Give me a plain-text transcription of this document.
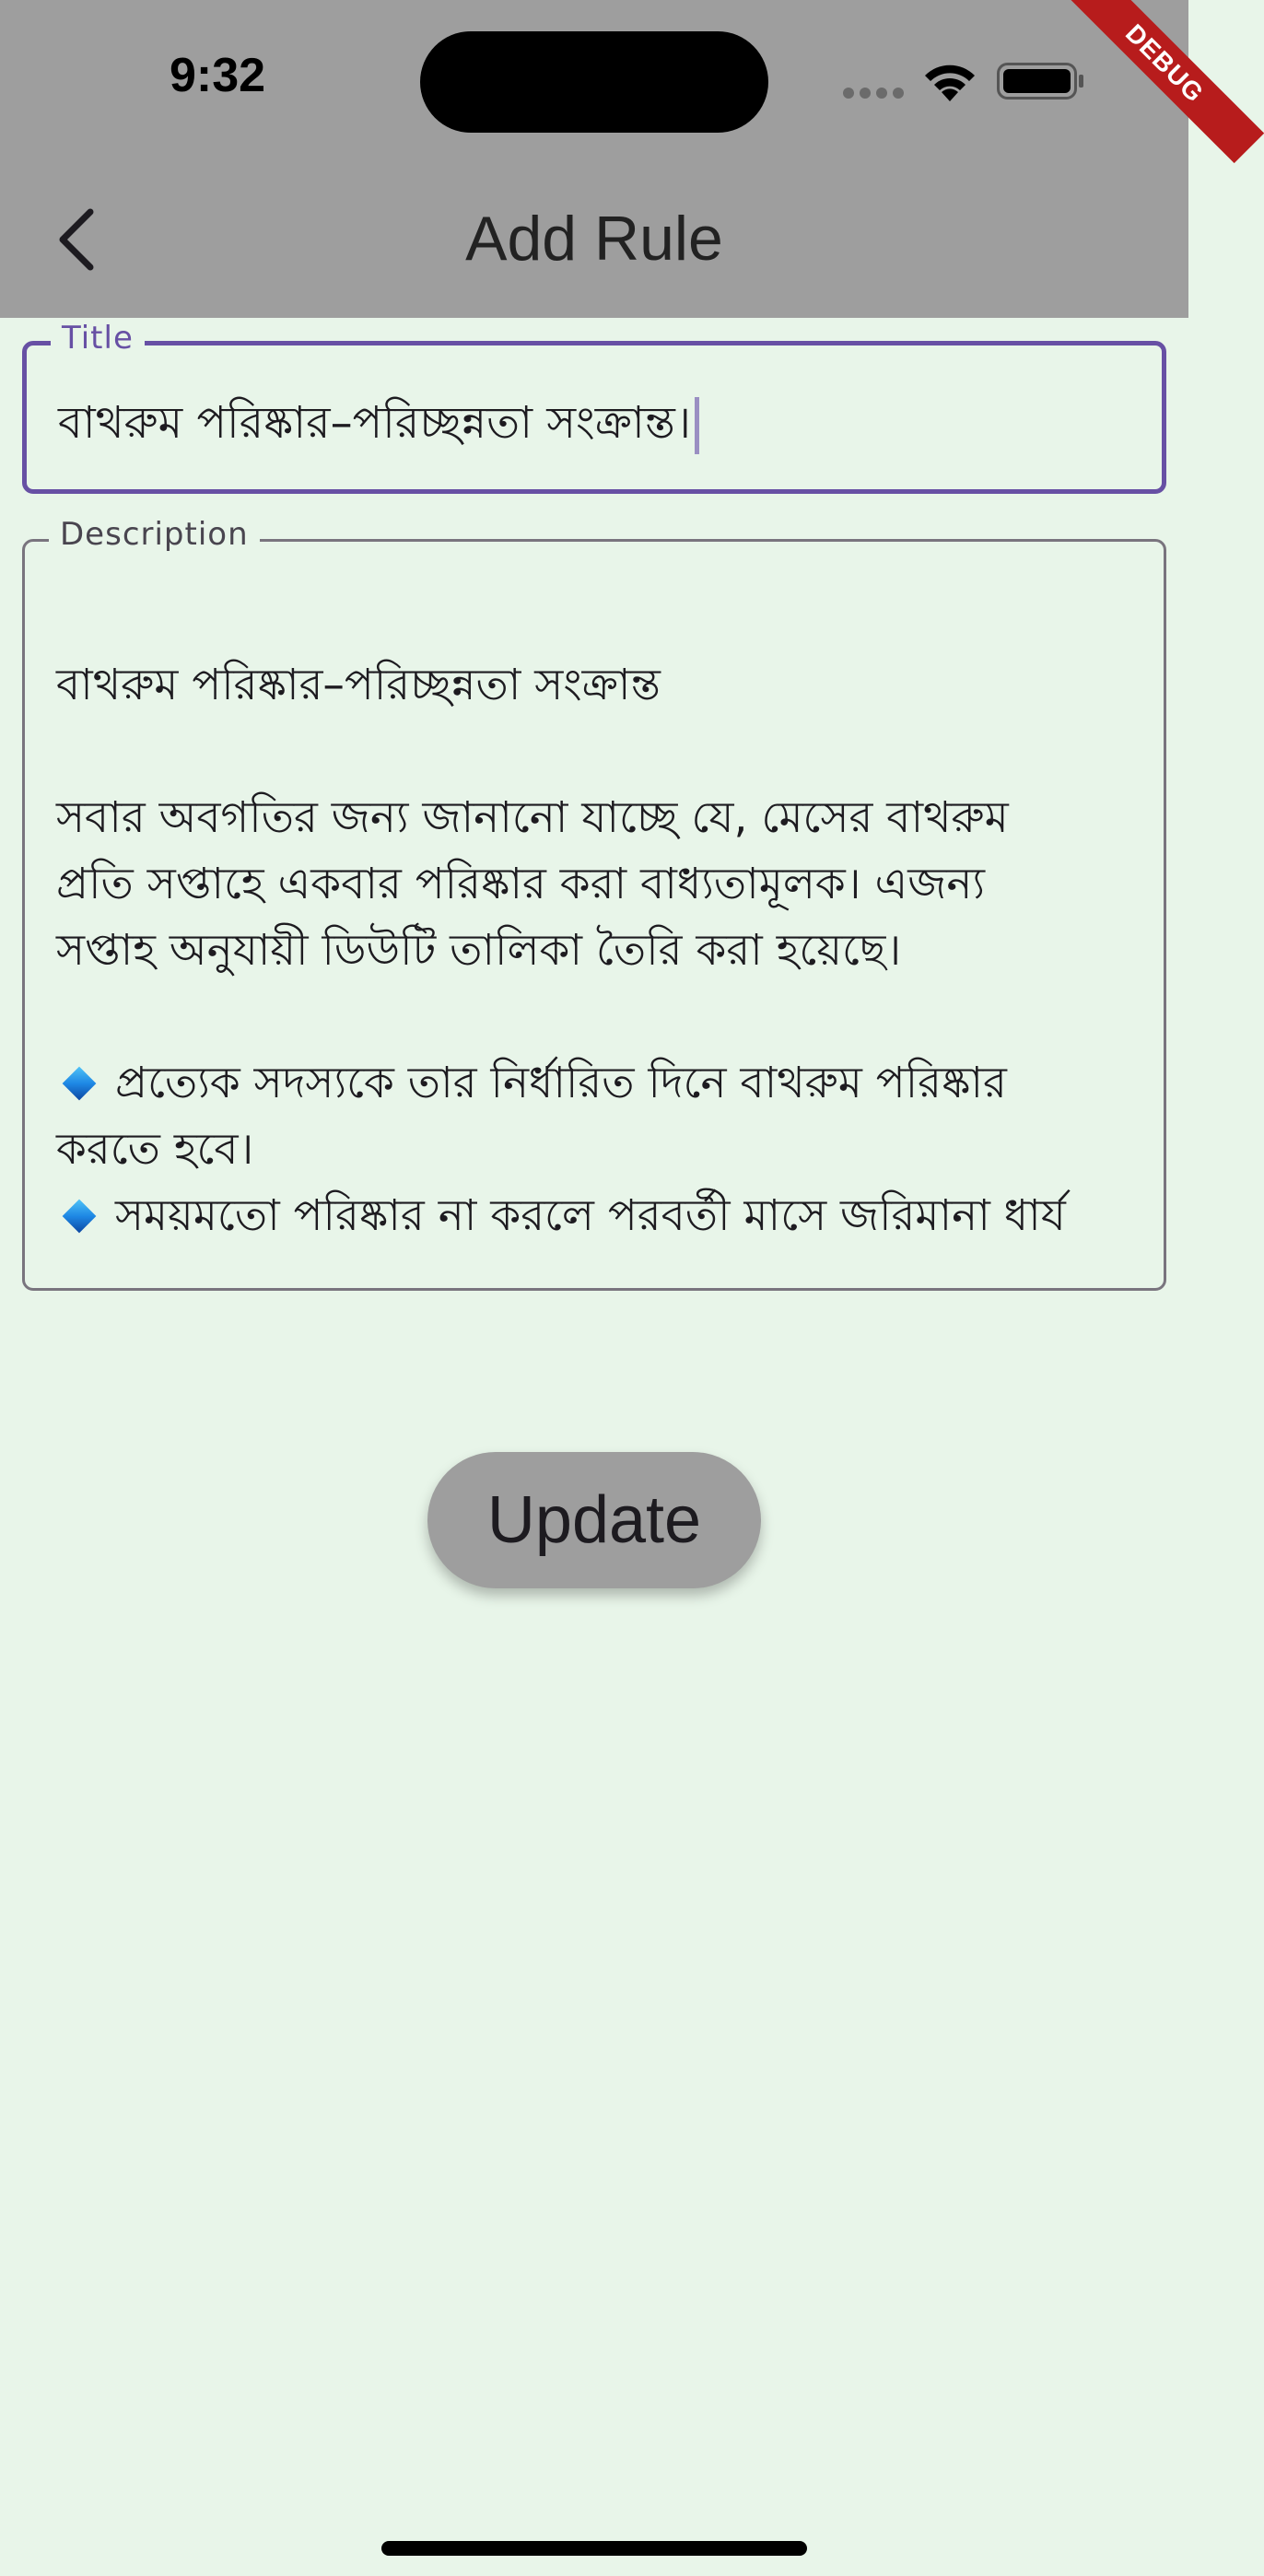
9:32	DEBUG
Add Rule
Title
বাথরুম পরিষ্কার–পরিচ্ছন্নতা সংক্রান্ত।
Description

বাথরুম পরিষ্কার–পরিচ্ছন্নতা সংক্রান্ত

সবার অবগতির জন্য জানানো যাচ্ছে যে, মেসের বাথরুম

প্রতি সপ্তাহে একবার পরিষ্কার করা বাধ্যতামূলক। এজন্য

সপ্তাহ অনুযায়ী ডিউটি তালিকা তৈরি করা হয়েছে।

প্রত্যেক সদস্যকে তার নির্ধারিত দিনে বাথরুম পরিষ্কার

করতে হবে।

সময়মতো পরিষ্কার না করলে পরবর্তী মাসে জরিমানা ধার্য

Update
